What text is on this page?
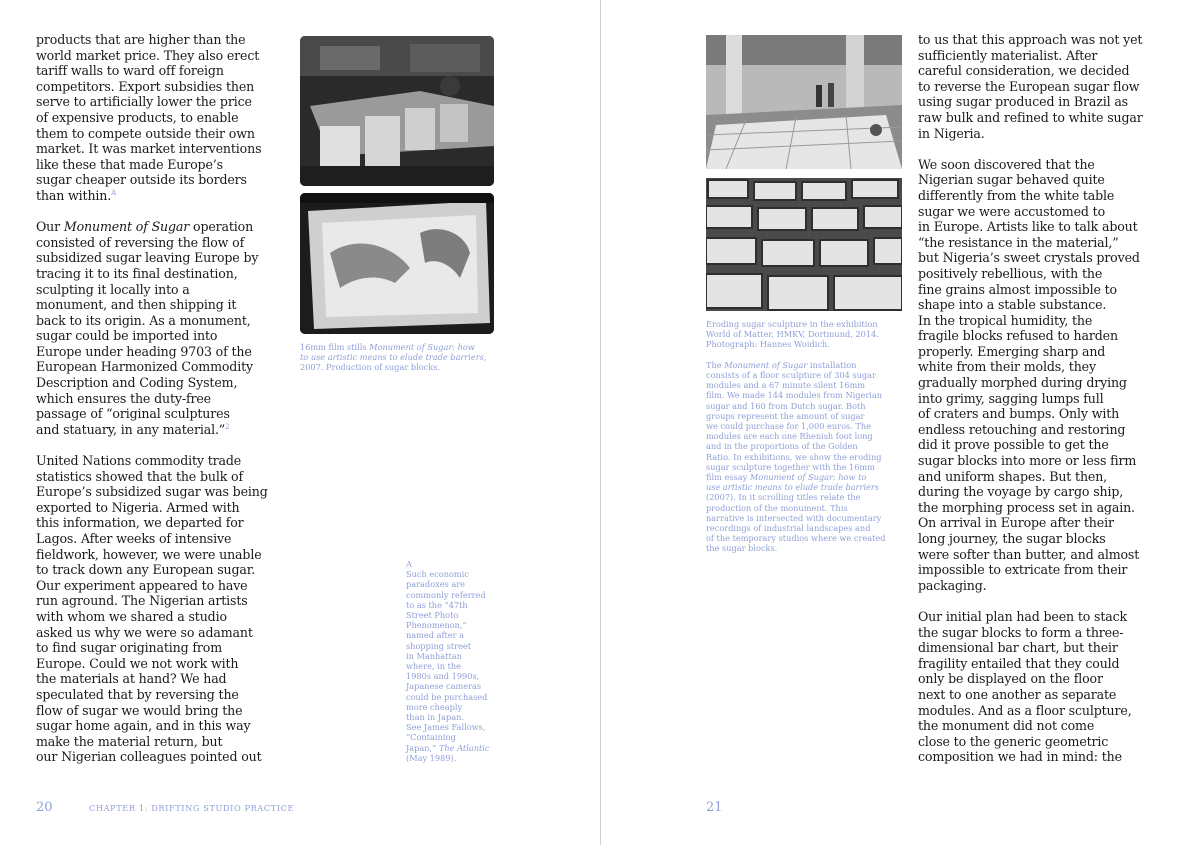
products that are higher than the
world market price. They also erect
tariff walls to ward off foreign
competitors. Export subsidies then
serve to artificially lower the price
of expensive products, to enable
them to compete outside their own
market. It was market interventions
like these that made Europe’s
sugar cheaper outside its borders
than within.$^A$

Our Monument of Sugar operation
consisted of reversing the flow of
subsidized sugar leaving Europe by
tracing it to its final destination,
sculpting it locally into a
monument, and then shipping it
back to its origin. As a monument,
sugar could be imported into
Europe under heading 9703 of the
European Harmonized Commodity
Description and Coding System,
which ensures the duty-free
passage of “original sculptures
and statuary, in any material.”$^2$

United Nations commodity trade
statistics showed that the bulk of
Europe’s subsidized sugar was being
exported to Nigeria. Armed with
this information, we departed for
Lagos. After weeks of intensive
fieldwork, however, we were unable
to track down any European sugar.
Our experiment appeared to have
run aground. The Nigerian artists
with whom we shared a studio
asked us why we were so adamant
to find sugar originating from
Europe. Could we not work with
the materials at hand? We had
speculated that by reversing the
flow of sugar we would bring the
sugar home again, and in this way
make the material return, but
our Nigerian colleagues pointed out

16mm film stills Monument of Sugar: how
to use artistic means to elude trade barriers,
2007. Production of sugar blocks.
A
Such economic
paradoxes are
commonly referred
to as the “47th
Street Photo
Phenomenon,”
named after a
shopping street
in Manhattan
where, in the
1980s and 1990s,
Japanese cameras
could be purchased
more cheaply
than in Japan.
See James Fallows,
“Containing
Japan,” The Atlantic
(May 1989).
20	CHAPTER 1: DRIFTING STUDIO PRACTICE

Eroding sugar sculpture in the exhibition
World of Matter, HMKV, Dortmund, 2014.
Photograph: Hannes Woidich.

The Monument of Sugar installation
consists of a floor sculpture of 304 sugar
modules and a 67 minute silent 16mm
film. We made 144 modules from Nigerian
sugar and 160 from Dutch sugar. Both
groups represent the amount of sugar
we could purchase for 1,000 euros. The
modules are each one Rhenish foot long
and in the proportions of the Golden
Ratio. In exhibitions, we show the eroding
sugar sculpture together with the 16mm
film essay Monument of Sugar: how to
use artistic means to elude trade barriers
(2007). In it scrolling titles relate the
production of the monument. This
narrative is intersected with documentary
recordings of industrial landscapes and
of the temporary studios where we created
the sugar blocks.

to us that this approach was not yet
sufficiently materialist. After
careful consideration, we decided
to reverse the European sugar flow
using sugar produced in Brazil as
raw bulk and refined to white sugar
in Nigeria.

We soon discovered that the
Nigerian sugar behaved quite
differently from the white table
sugar we were accustomed to
in Europe. Artists like to talk about
“the resistance in the material,”
but Nigeria’s sweet crystals proved
positively rebellious, with the
fine grains almost impossible to
shape into a stable substance.
In the tropical humidity, the
fragile blocks refused to harden
properly. Emerging sharp and
white from their molds, they
gradually morphed during drying
into grimy, sagging lumps full
of craters and bumps. Only with
endless retouching and restoring
did it prove possible to get the
sugar blocks into more or less firm
and uniform shapes. But then,
during the voyage by cargo ship,
the morphing process set in again.
On arrival in Europe after their
long journey, the sugar blocks
were softer than butter, and almost
impossible to extricate from their
packaging.

Our initial plan had been to stack
the sugar blocks to form a three-
dimensional bar chart, but their
fragility entailed that they could
only be displayed on the floor
next to one another as separate
modules. And as a floor sculpture,
the monument did not come
close to the generic geometric
composition we had in mind: the

21
